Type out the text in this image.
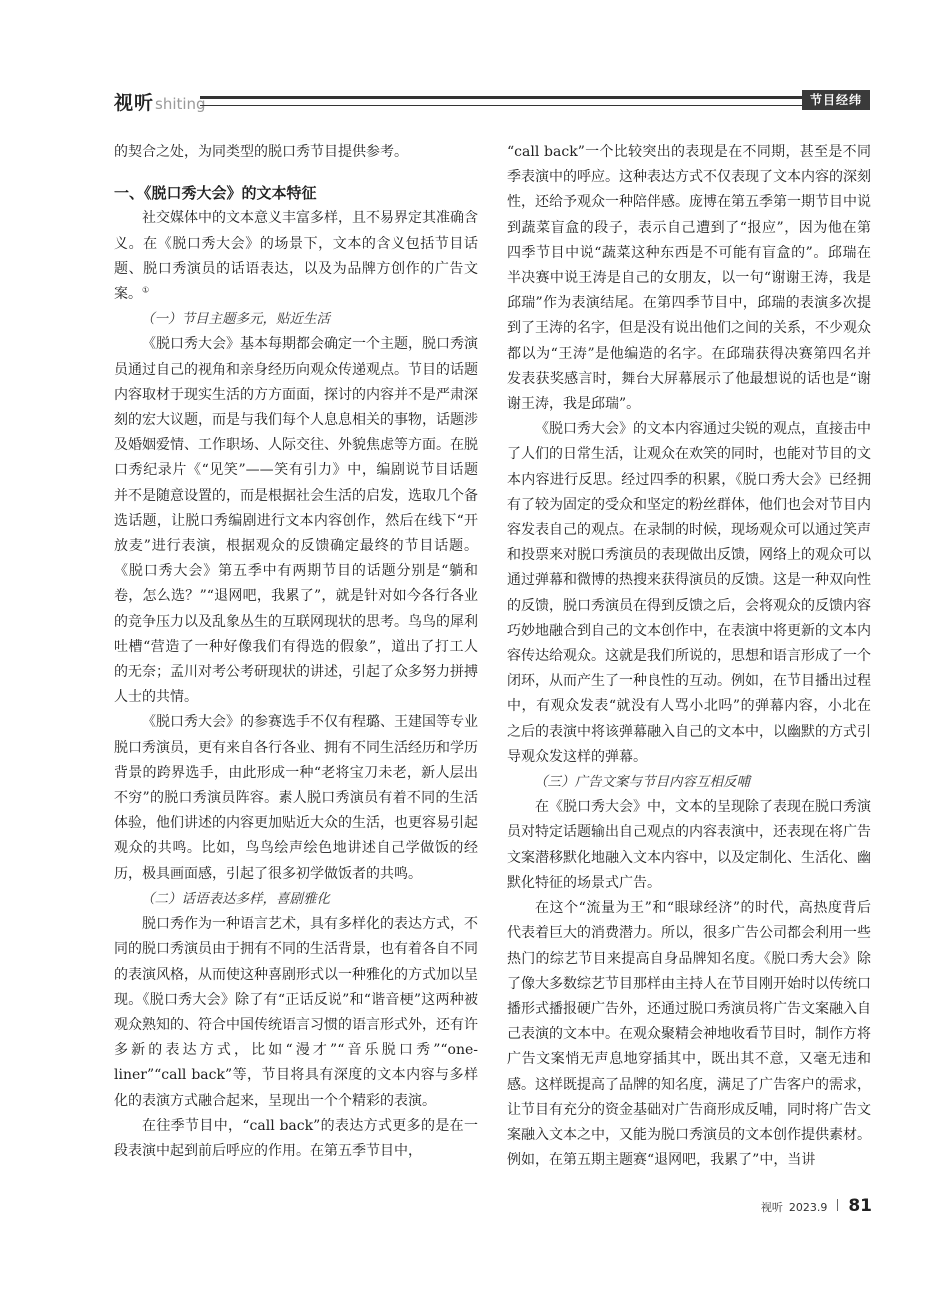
视听 shiting	节目经纬

的契合之处，为同类型的脱口秀节目提供参考。

一、《脱口秀大会》的文本特征

社交媒体中的文本意义丰富多样，且不易界定其准确含义。在《脱口秀大会》的场景下，文本的含义包括节目话题、脱口秀演员的话语表达，以及为品牌方创作的广告文案。①

（一）节目主题多元，贴近生活

《脱口秀大会》基本每期都会确定一个主题，脱口秀演员通过自己的视角和亲身经历向观众传递观点。节目的话题内容取材于现实生活的方方面面，探讨的内容并不是严肃深刻的宏大议题，而是与我们每个人息息相关的事物，话题涉及婚姻爱情、工作职场、人际交往、外貌焦虑等方面。在脱口秀纪录片《“见笑”——笑有引力》中，编剧说节目话题并不是随意设置的，而是根据社会生活的启发，选取几个备选话题，让脱口秀编剧进行文本内容创作，然后在线下“开放麦”进行表演，根据观众的反馈确定最终的节目话题。《脱口秀大会》第五季中有两期节目的话题分别是“躺和卷，怎么选？”“退网吧，我累了”，就是针对如今各行各业的竞争压力以及乱象丛生的互联网现状的思考。鸟鸟的犀利吐槽“营造了一种好像我们有得选的假象”，道出了打工人的无奈；孟川对考公考研现状的讲述，引起了众多努力拼搏人士的共情。

《脱口秀大会》的参赛选手不仅有程璐、王建国等专业脱口秀演员，更有来自各行各业、拥有不同生活经历和学历背景的跨界选手，由此形成一种“老将宝刀未老，新人层出不穷”的脱口秀演员阵容。素人脱口秀演员有着不同的生活体验，他们讲述的内容更加贴近大众的生活，也更容易引起观众的共鸣。比如，鸟鸟绘声绘色地讲述自己学做饭的经历，极具画面感，引起了很多初学做饭者的共鸣。

（二）话语表达多样，喜剧雅化

脱口秀作为一种语言艺术，具有多样化的表达方式，不同的脱口秀演员由于拥有不同的生活背景，也有着各自不同的表演风格，从而使这种喜剧形式以一种雅化的方式加以呈现。《脱口秀大会》除了有“正话反说”和“谐音梗”这两种被观众熟知的、符合中国传统语言习惯的语言形式外，还有许多新的表达方式，比如“漫才”“音乐脱口秀”“one-liner”“call back”等，节目将具有深度的文本内容与多样化的表演方式融合起来，呈现出一个个精彩的表演。

在往季节目中，“call back”的表达方式更多的是在一段表演中起到前后呼应的作用。在第五季节目中，

“call back”一个比较突出的表现是在不同期，甚至是不同季表演中的呼应。这种表达方式不仅表现了文本内容的深刻性，还给予观众一种陪伴感。庞博在第五季第一期节目中说到蔬菜盲盒的段子，表示自己遭到了“报应”，因为他在第四季节目中说“蔬菜这种东西是不可能有盲盒的”。邱瑞在半决赛中说王涛是自己的女朋友，以一句“谢谢王涛，我是邱瑞”作为表演结尾。在第四季节目中，邱瑞的表演多次提到了王涛的名字，但是没有说出他们之间的关系，不少观众都以为“王涛”是他编造的名字。在邱瑞获得决赛第四名并发表获奖感言时，舞台大屏幕展示了他最想说的话也是“谢谢王涛，我是邱瑞”。

《脱口秀大会》的文本内容通过尖锐的观点，直接击中了人们的日常生活，让观众在欢笑的同时，也能对节目的文本内容进行反思。经过四季的积累，《脱口秀大会》已经拥有了较为固定的受众和坚定的粉丝群体，他们也会对节目内容发表自己的观点。在录制的时候，现场观众可以通过笑声和投票来对脱口秀演员的表现做出反馈，网络上的观众可以通过弹幕和微博的热搜来获得演员的反馈。这是一种双向性的反馈，脱口秀演员在得到反馈之后，会将观众的反馈内容巧妙地融合到自己的文本创作中，在表演中将更新的文本内容传达给观众。这就是我们所说的，思想和语言形成了一个闭环，从而产生了一种良性的互动。例如，在节目播出过程中，有观众发表“就没有人骂小北吗”的弹幕内容，小北在之后的表演中将该弹幕融入自己的文本中，以幽默的方式引导观众发这样的弹幕。

（三）广告文案与节目内容互相反哺

在《脱口秀大会》中，文本的呈现除了表现在脱口秀演员对特定话题输出自己观点的内容表演中，还表现在将广告文案潜移默化地融入文本内容中，以及定制化、生活化、幽默化特征的场景式广告。

在这个“流量为王”和“眼球经济”的时代，高热度背后代表着巨大的消费潜力。所以，很多广告公司都会利用一些热门的综艺节目来提高自身品牌知名度。《脱口秀大会》除了像大多数综艺节目那样由主持人在节目刚开始时以传统口播形式播报硬广告外，还通过脱口秀演员将广告文案融入自己表演的文本中。在观众聚精会神地收看节目时，制作方将广告文案悄无声息地穿插其中，既出其不意，又毫无违和感。这样既提高了品牌的知名度，满足了广告客户的需求，让节目有充分的资金基础对广告商形成反哺，同时将广告文案融入文本之中，又能为脱口秀演员的文本创作提供素材。例如，在第五期主题赛“退网吧，我累了”中，当讲

视听 2023.9 81
